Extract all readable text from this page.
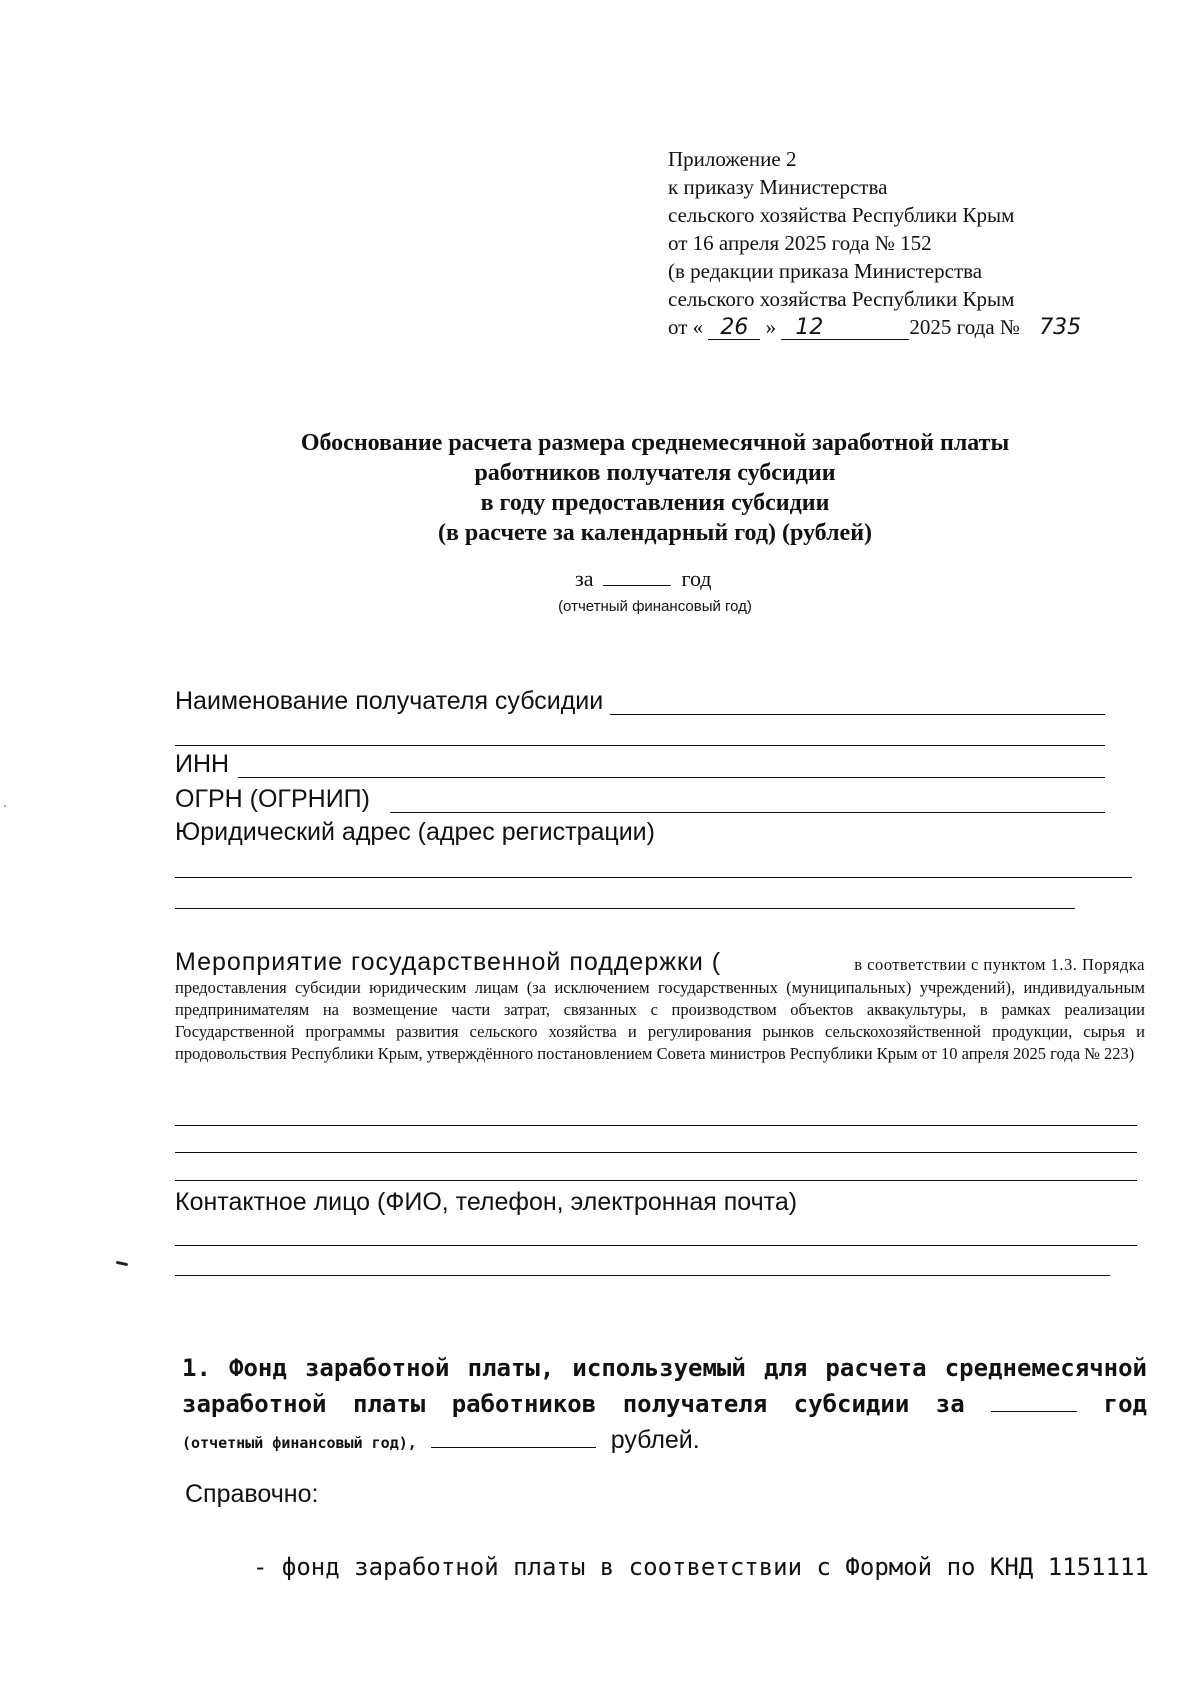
Приложение 2
к приказу Министерства
сельского хозяйства Республики Крым
от 16 апреля 2025 года № 152
(в редакции приказа Министерства
сельского хозяйства Республики Крым
от « 26 » 12	2025 года № 735
Обоснование расчета размера среднемесячной заработной платы
работников получателя субсидии
в году предоставления субсидии
(в расчете за календарный год) (рублей)
за	год
(отчетный финансовый год)
Наименование получателя субсидии
ИНН
ОГРН (ОГРНИП)
Юридический адрес (адрес регистрации)
Мероприятие государственной поддержки (	в соответствии с пунктом 1.3. Порядка
предоставления субсидии юридическим лицам (за исключением государственных (муниципальных) учреждений), индивидуальным предпринимателям на возмещение части затрат, связанных с производством объектов аквакультуры, в рамках реализации Государственной программы развития сельского хозяйства и регулирования рынков сельскохозяйственной продукции, сырья и продовольствия Республики Крым, утверждённого постановлением Совета министров Республики Крым от 10 апреля 2025 года № 223)
Контактное лицо (ФИО, телефон, электронная почта)
1. Фонд заработной платы, используемый для расчета среднемесячной заработной платы работников получателя субсидии за	год (отчетный финансовый год),	рублей.
Справочно:
- фонд заработной платы в соответствии с Формой по КНД 1151111
